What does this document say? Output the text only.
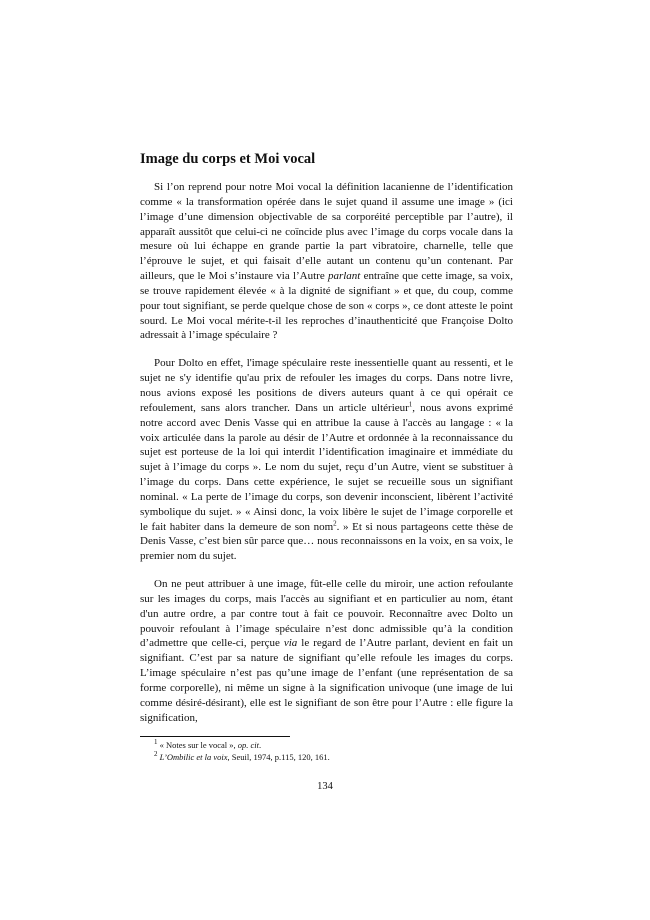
Image du corps et Moi vocal

Si l’on reprend pour notre Moi vocal la définition lacanienne de l’identification comme « la transformation opérée dans le sujet quand il assume une image » (ici l’image d’une dimension objectivable de sa corporéité perceptible par l’autre), il apparaît aussitôt que celui-ci ne coïncide plus avec l’image du corps vocale dans la mesure où lui échappe en grande partie la part vibratoire, charnelle, telle que l’éprouve le sujet, et qui faisait d’elle autant un contenu qu’un contenant. Par ailleurs, que le Moi s’instaure via l’Autre parlant entraîne que cette image, sa voix, se trouve rapidement élevée « à la dignité de signifiant » et que, du coup, comme pour tout signifiant, se perde quelque chose de son « corps », ce dont atteste le point sourd. Le Moi vocal mérite-t-il les reproches d’inauthenticité que Françoise Dolto adressait à l’image spéculaire ?

Pour Dolto en effet, l'image spéculaire reste inessentielle quant au ressenti, et le sujet ne s'y identifie qu'au prix de refouler les images du corps. Dans notre livre, nous avions exposé les positions de divers auteurs quant à ce qui opérait ce refoulement, sans alors trancher. Dans un article ultérieur$^1$, nous avons exprimé notre accord avec Denis Vasse qui en attribue la cause à l'accès au langage : « la voix articulée dans la parole au désir de l’Autre et ordonnée à la reconnaissance du sujet est porteuse de la loi qui interdit l’identification imaginaire et immédiate du sujet à l’image du corps ». Le nom du sujet, reçu d’un Autre, vient se substituer à l’image du corps. Dans cette expérience, le sujet se recueille sous un signifiant nominal. « La perte de l’image du corps, son devenir inconscient, libèrent l’activité symbolique du sujet. » « Ainsi donc, la voix libère le sujet de l’image corporelle et le fait habiter dans la demeure de son nom$^2$. » Et si nous partageons cette thèse de Denis Vasse, c’est bien sûr parce que… nous reconnaissons en la voix, en sa voix, le premier nom du sujet.

On ne peut attribuer à une image, fût-elle celle du miroir, une action refoulante sur les images du corps, mais l'accès au signifiant et en particulier au nom, étant d'un autre ordre, a par contre tout à fait ce pouvoir. Reconnaître avec Dolto un pouvoir refoulant à l’image spéculaire n’est donc admissible qu’à la condition d’admettre que celle-ci, perçue via le regard de l’Autre parlant, devient en fait un signifiant. C’est par sa nature de signifiant qu’elle refoule les images du corps. L’image spéculaire n’est pas qu’une image de l’enfant (une représentation de sa forme corporelle), ni même un signe à la signification univoque (une image de lui comme désiré-désirant), elle est le signifiant de son être pour l’Autre : elle figure la signification,

$^1$ « Notes sur le vocal », op. cit.

$^2$ L’Ombilic et la voix, Seuil, 1974, p.115, 120, 161.

134
